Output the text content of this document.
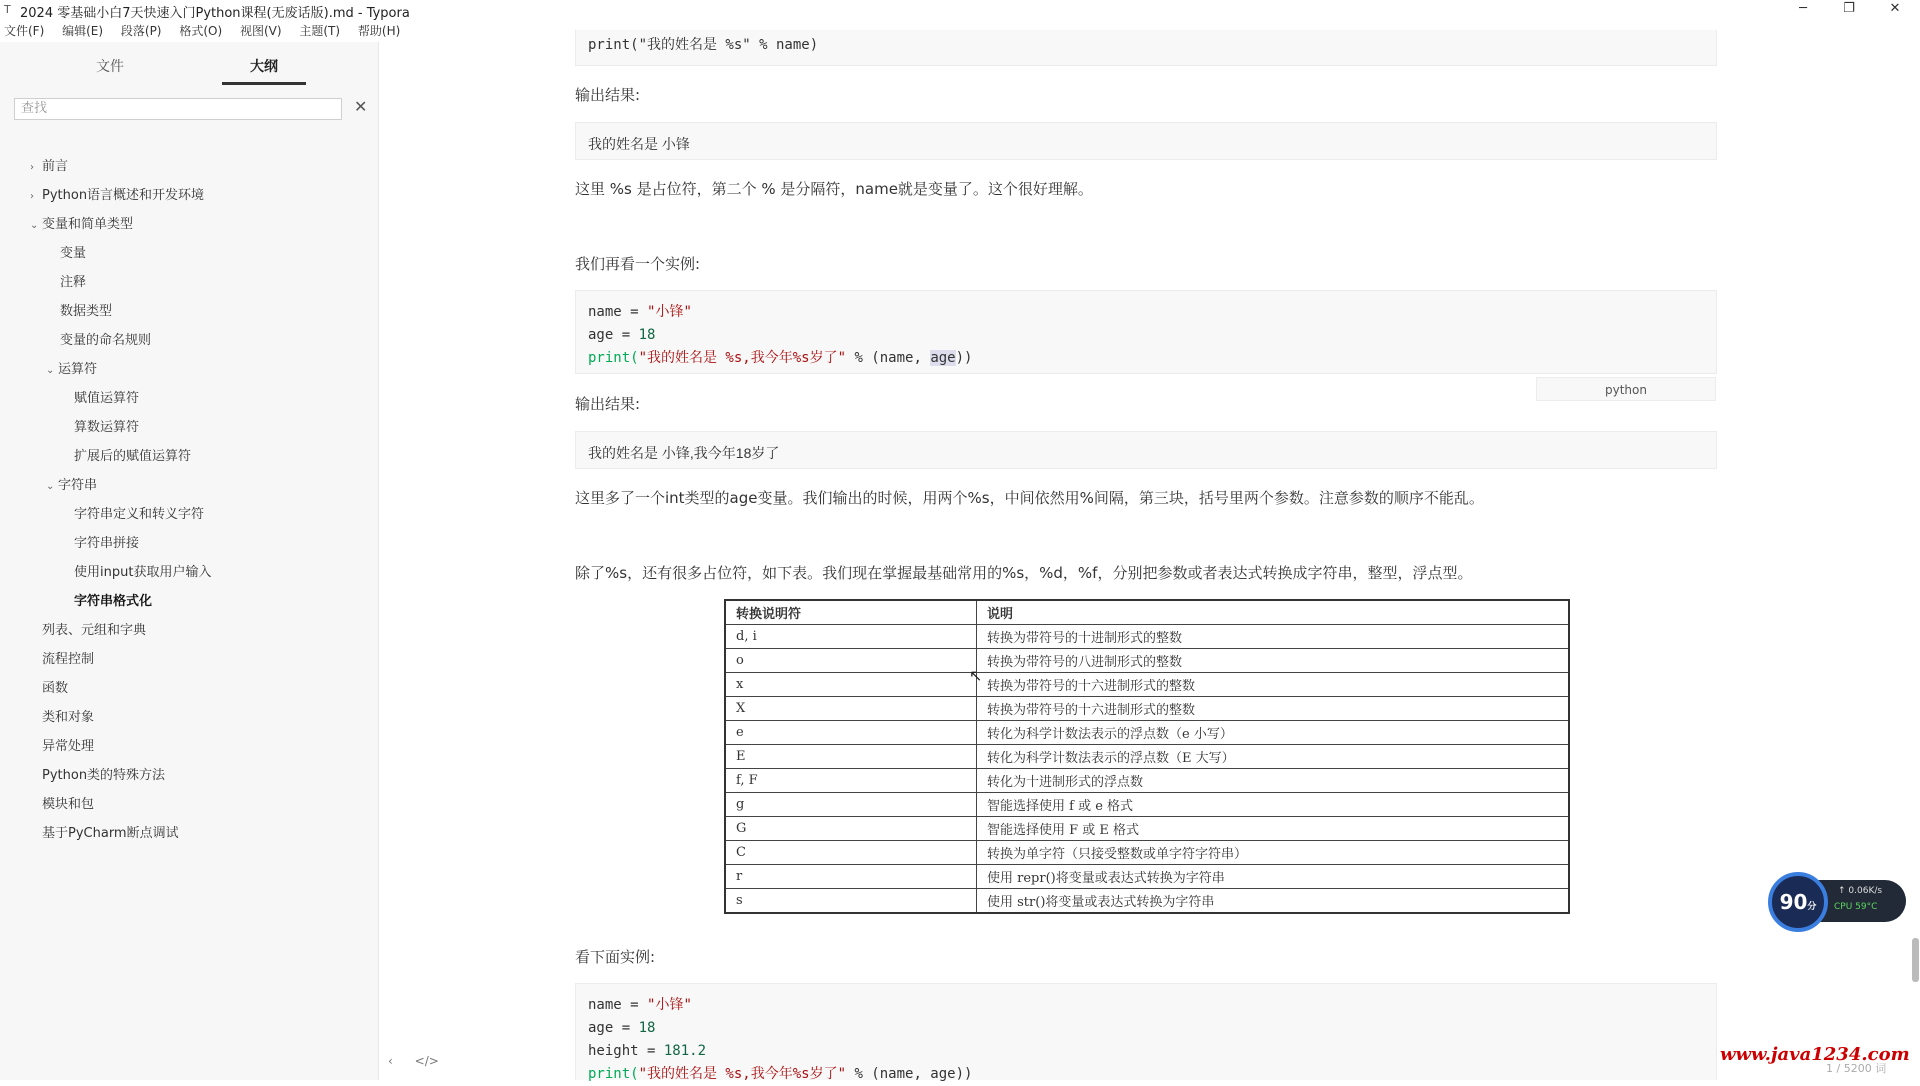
T 2024 零基础小白7天快速入门Python课程(无废话版).md - Typora	─	❐	✕
文件(F) 编辑(E) 段落(P) 格式(O) 视图(V) 主题(T) 帮助(H)
文件	大纲
查找	✕
› 前言
› Python语言概述和开发环境
⌄ 变量和简单类型
变量
注释
数据类型
变量的命名规则
⌄ 运算符
赋值运算符
算数运算符
扩展后的赋值运算符
⌄ 字符串
字符串定义和转义字符
字符串拼接
使用input获取用户输入
字符串格式化
列表、元组和字典
流程控制
函数
类和对象
异常处理
Python类的特殊方法
模块和包
基于PyCharm断点调试
‹ </>
print("我的姓名是 %s" % name)
输出结果:
我的姓名是 小锋
这里 %s 是占位符，第二个 % 是分隔符，name就是变量了。这个很好理解。
我们再看一个实例:
name = "小锋"
age = 18
print("我的姓名是 %s,我今年%s岁了" % (name, age))
python
输出结果:
我的姓名是 小锋,我今年18岁了
这里多了一个int类型的age变量。我们输出的时候，用两个%s，中间依然用%间隔，第三块，括号里两个参数。注意参数的顺序不能乱。
除了%s，还有很多占位符，如下表。我们现在掌握最基础常用的%s，%d，%f，分别把参数或者表达式转换成字符串，整型，浮点型。
转换说明符	说明
d, i	转换为带符号的十进制形式的整数
o	转换为带符号的八进制形式的整数
x	转换为带符号的十六进制形式的整数
X	转换为带符号的十六进制形式的整数
e	转化为科学计数法表示的浮点数（e 小写）
E	转化为科学计数法表示的浮点数（E 大写）
f, F	转化为十进制形式的浮点数
g	智能选择使用 f 或 e 格式
G	智能选择使用 F 或 E 格式
C	转换为单字符（只接受整数或单字符字符串）
r	使用 repr()将变量或表达式转换为字符串
s	使用 str()将变量或表达式转换为字符串
看下面实例:
name = "小锋"
age = 18
height = 181.2
print("我的姓名是 %s,我今年%s岁了" % (name, age))
↖
90分
↑ 0.06K/s
CPU 59°C
1 / 5200 词
www.java1234.com
